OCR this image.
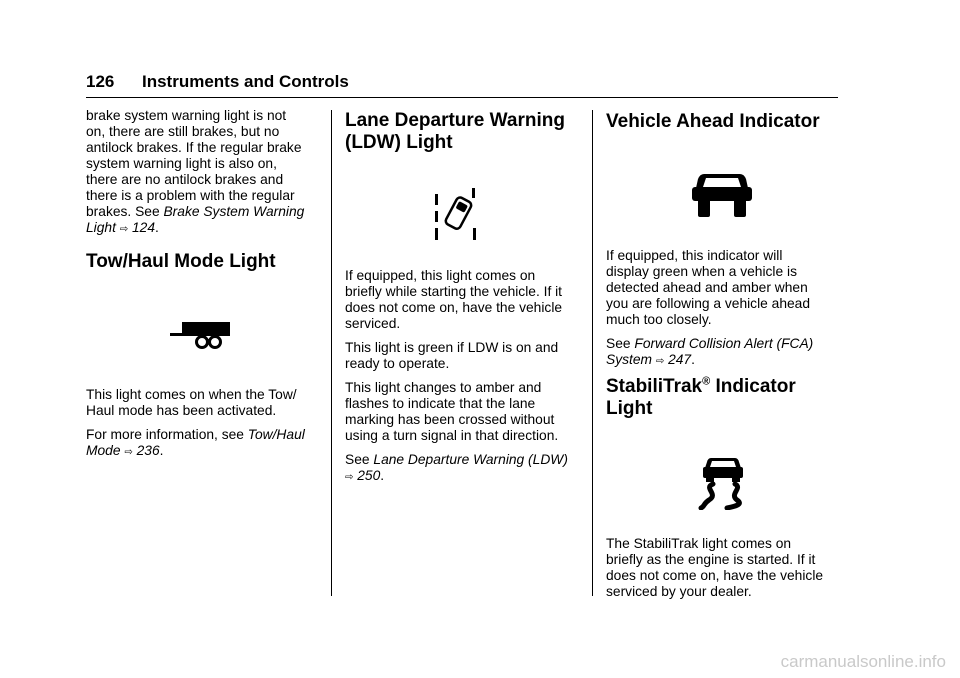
126 Instruments and Controls

brake system warning light is not
on, there are still brakes, but no
antilock brakes. If the regular brake
system warning light is also on,
there are no antilock brakes and
there is a problem with the regular
brakes. See Brake System Warning
Light ⇨ 124.

Tow/Haul Mode Light

This light comes on when the Tow/
Haul mode has been activated.

For more information, see Tow/Haul
Mode ⇨ 236.

Lane Departure Warning
(LDW) Light

If equipped, this light comes on
briefly while starting the vehicle. If it
does not come on, have the vehicle
serviced.

This light is green if LDW is on and
ready to operate.

This light changes to amber and
flashes to indicate that the lane
marking has been crossed without
using a turn signal in that direction.

See Lane Departure Warning (LDW)
⇨ 250.

Vehicle Ahead Indicator

If equipped, this indicator will
display green when a vehicle is
detected ahead and amber when
you are following a vehicle ahead
much too closely.

See Forward Collision Alert (FCA)
System ⇨ 247.

StabiliTrak® Indicator
Light

The StabiliTrak light comes on
briefly as the engine is started. If it
does not come on, have the vehicle
serviced by your dealer.

carmanualsonline.info
